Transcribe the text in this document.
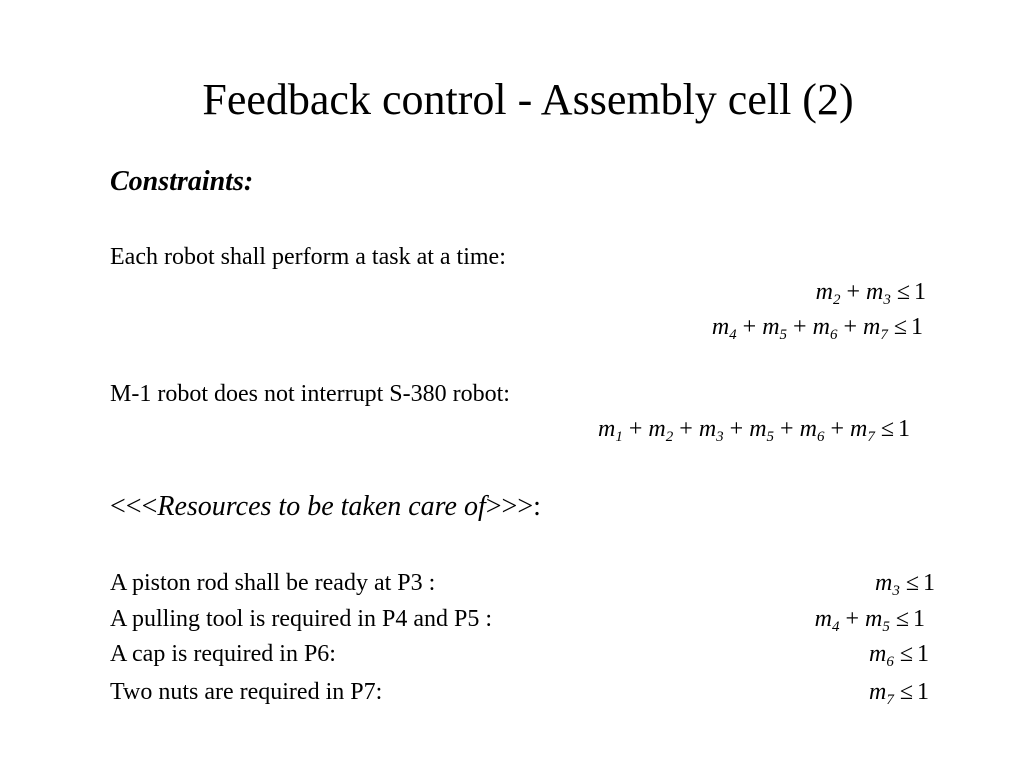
Feedback control - Assembly cell (2)
Constraints:
Each robot shall perform a task at a time:
$m_2 + m_3 \le 1$
$m_4 + m_5 + m_6 + m_7 \le 1$
M-1 robot does not interrupt S-380 robot:
$m_1 + m_2 + m_3 + m_5 + m_6 + m_7 \le 1$
<<<Resources to be taken care of>>>:
A piston rod shall be ready at P3 :	$m_3 \le 1$
A pulling tool is required in P4 and P5 :	$m_4 + m_5 \le 1$
A cap is required in P6:	$m_6 \le 1$
Two nuts are required in P7:	$m_7 \le 1$
